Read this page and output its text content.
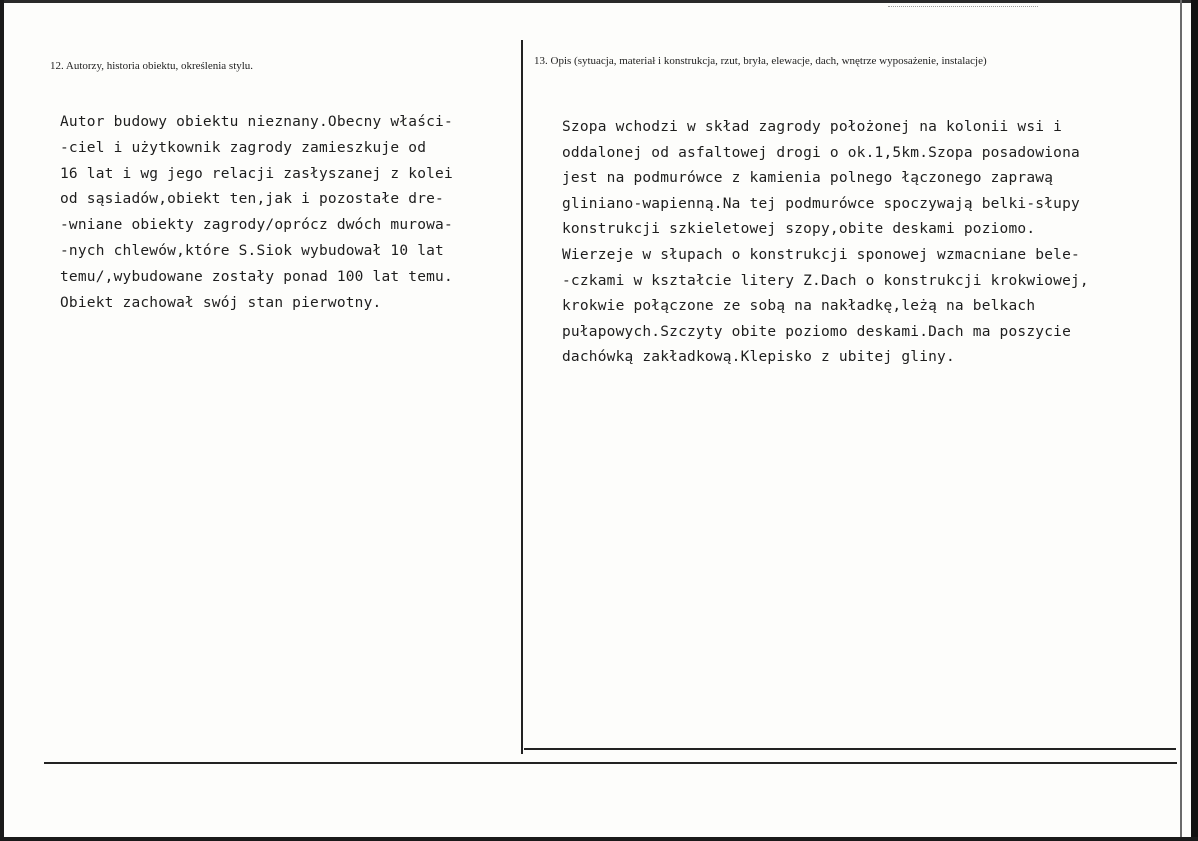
12. Autorzy, historia obiektu, określenia stylu.	13. Opis (sytuacja, materiał i konstrukcja, rzut, bryła, elewacje, dach, wnętrze wyposażenie, instalacje)
Autor budowy obiektu nieznany.Obecny właści-
-ciel i użytkownik zagrody zamieszkuje od
16 lat i wg jego relacji zasłyszanej z kolei
od sąsiadów,obiekt ten,jak i pozostałe dre-
-wniane obiekty zagrody/oprócz dwóch murowa-
-nych chlewów,które S.Siok wybudował 10 lat
temu/,wybudowane zostały ponad 100 lat temu.
Obiekt zachował swój stan pierwotny.
Szopa wchodzi w skład zagrody położonej na kolonii wsi i
oddalonej od asfaltowej drogi o ok.1,5km.Szopa posadowiona
jest na podmurówce z kamienia polnego łączonego zaprawą
gliniano-wapienną.Na tej podmurówce spoczywają belki-słupy
konstrukcji szkieletowej szopy,obite deskami poziomo.
Wierzeje w słupach o konstrukcji sponowej wzmacniane bele-
-czkami w kształcie litery Z.Dach o konstrukcji krokwiowej,
krokwie połączone ze sobą na nakładkę,leżą na belkach
pułapowych.Szczyty obite poziomo deskami.Dach ma poszycie
dachówką zakładkową.Klepisko z ubitej gliny.
